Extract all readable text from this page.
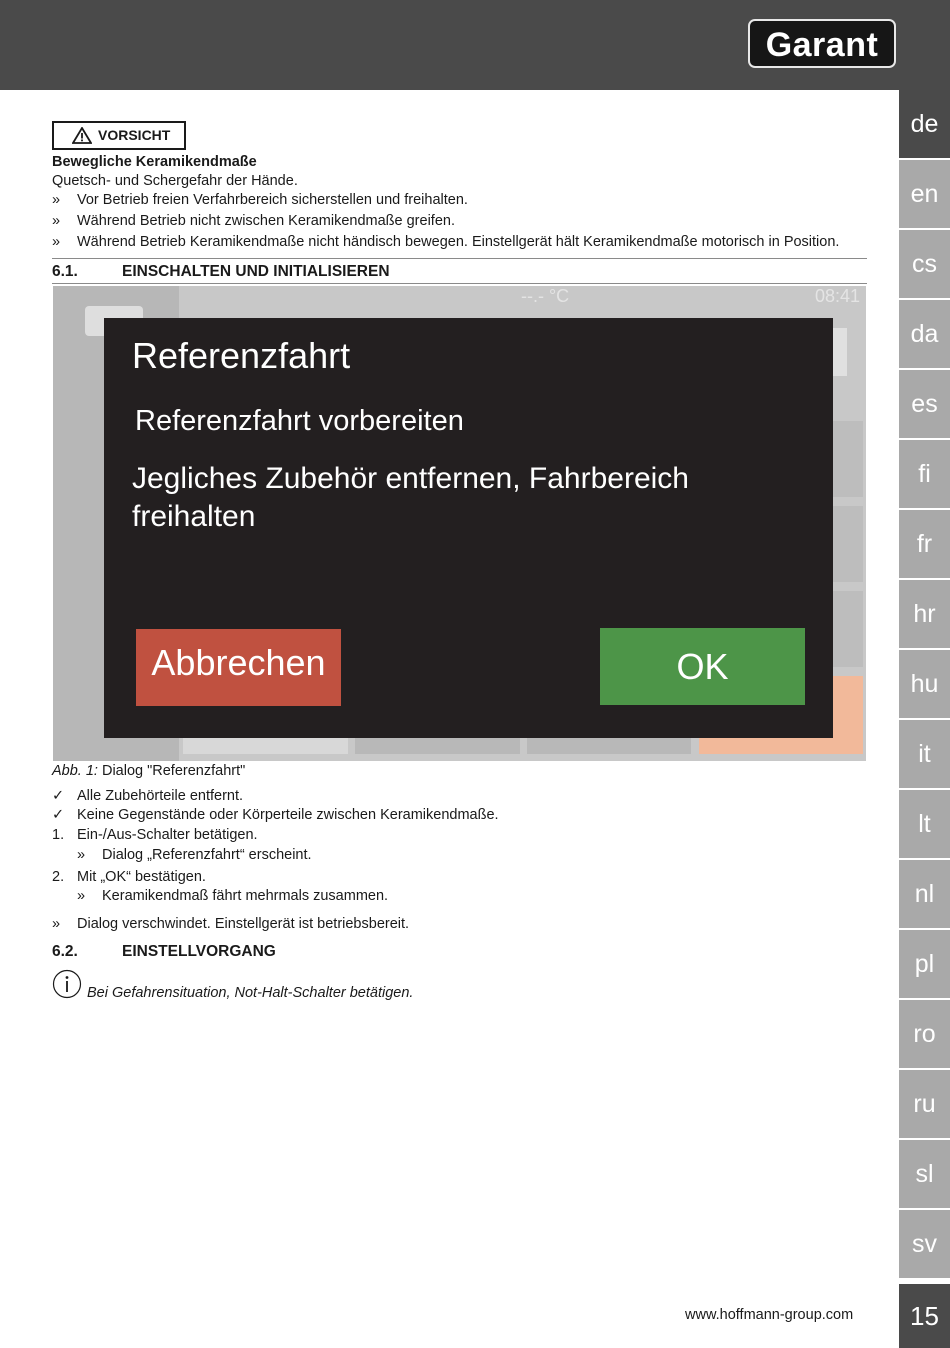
Garant
de
en
cs
da
es
fi
fr
hr
hu
it
lt
nl
pl
ro
ru
sl
sv
15
VORSICHT
Bewegliche Keramikendmaße
Quetsch- und Schergefahr der Hände.
» Vor Betrieb freien Verfahrbereich sicherstellen und freihalten.
» Während Betrieb nicht zwischen Keramikendmaße greifen.
» Während Betrieb Keramikendmaße nicht händisch bewegen. Einstellgerät hält Keramikendmaße motorisch in Position.
6.1.	EINSCHALTEN UND INITIALISIEREN
Abb. 1: Dialog "Referenzfahrt"
✓ Alle Zubehörteile entfernt.
✓ Keine Gegenstände oder Körperteile zwischen Keramikendmaße.
1. Ein-/Aus-Schalter betätigen.
» Dialog „Referenzfahrt“ erscheint.
2. Mit „OK“ bestätigen.
» Keramikendmaß fährt mehrmals zusammen.
» Dialog verschwindet. Einstellgerät ist betriebsbereit.
6.2.	EINSTELLVORGANG
Bei Gefahrensituation, Not-Halt-Schalter betätigen.
--.- °C	08:41
Referenzfahrt
Referenzfahrt vorbereiten
Jegliches Zubehör entfernen, Fahrbereich freihalten
Abbrechen	OK
www.hoffmann-group.com
